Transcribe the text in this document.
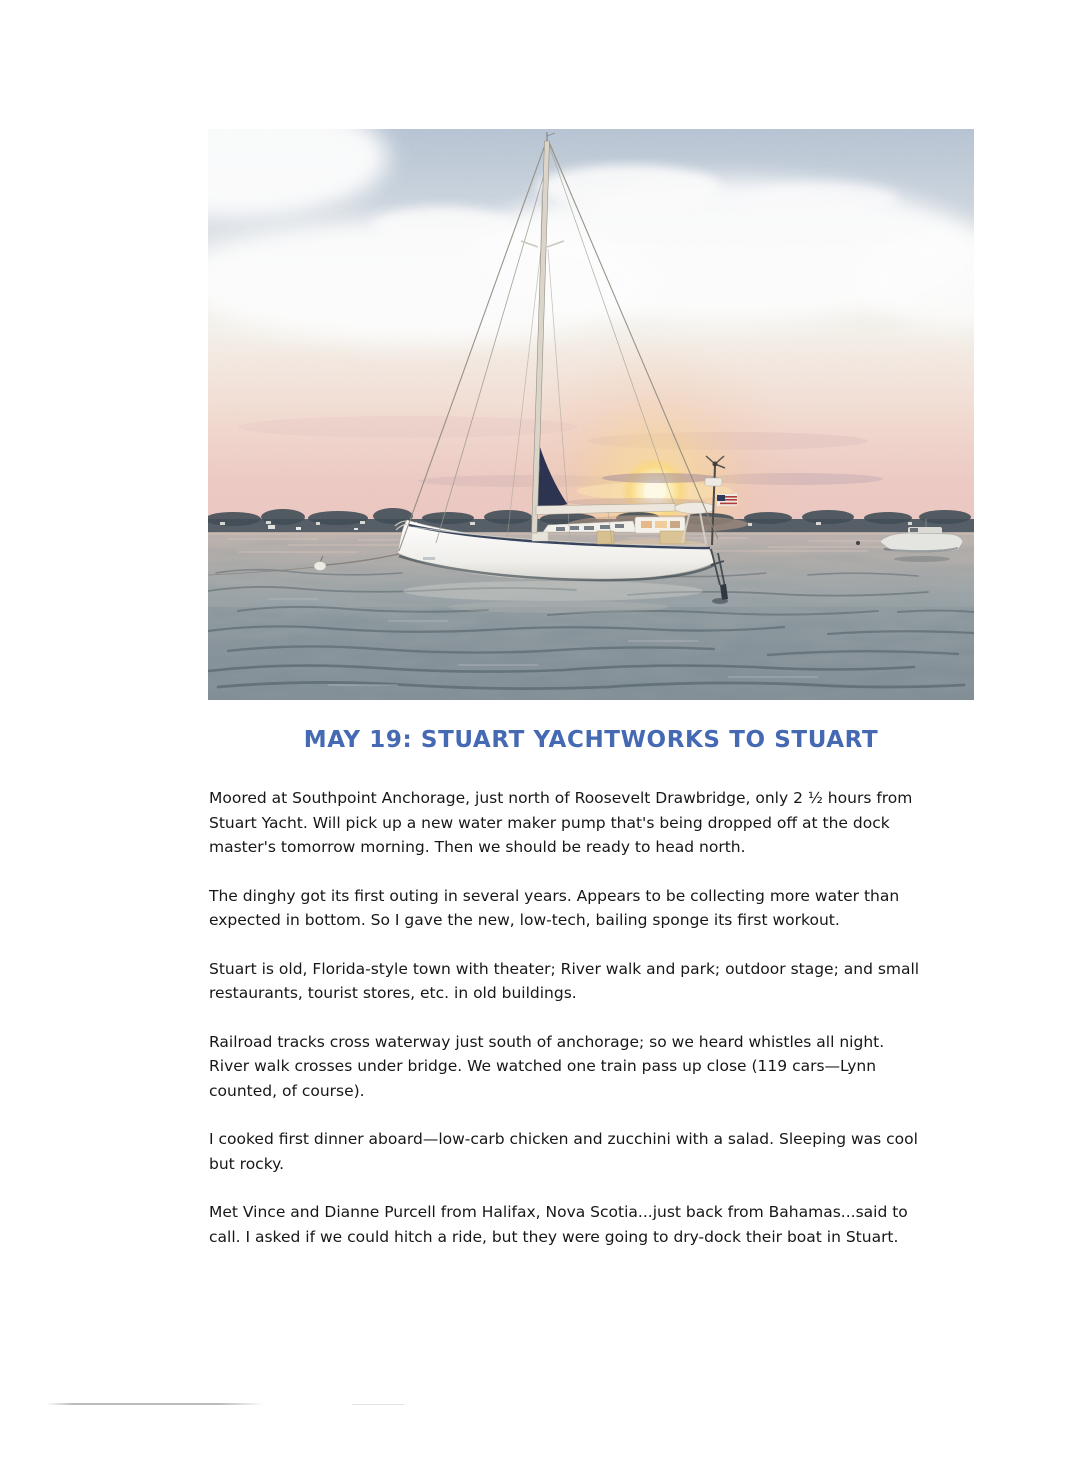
MAY 19: STUART YACHTWORKS TO STUART

Moored at Southpoint Anchorage, just north of Roosevelt Drawbridge, only 2 ½ hours from
Stuart Yacht. Will pick up a new water maker pump that's being dropped off at the dock
master's tomorrow morning. Then we should be ready to head north.

The dinghy got its first outing in several years. Appears to be collecting more water than
expected in bottom. So I gave the new, low-tech, bailing sponge its first workout.

Stuart is old, Florida-style town with theater; River walk and park; outdoor stage; and small
restaurants, tourist stores, etc. in old buildings.

Railroad tracks cross waterway just south of anchorage; so we heard whistles all night.
River walk crosses under bridge. We watched one train pass up close (119 cars—Lynn
counted, of course).

I cooked first dinner aboard—low-carb chicken and zucchini with a salad. Sleeping was cool
but rocky.

Met Vince and Dianne Purcell from Halifax, Nova Scotia...just back from Bahamas...said to
call. I asked if we could hitch a ride, but they were going to dry-dock their boat in Stuart.
